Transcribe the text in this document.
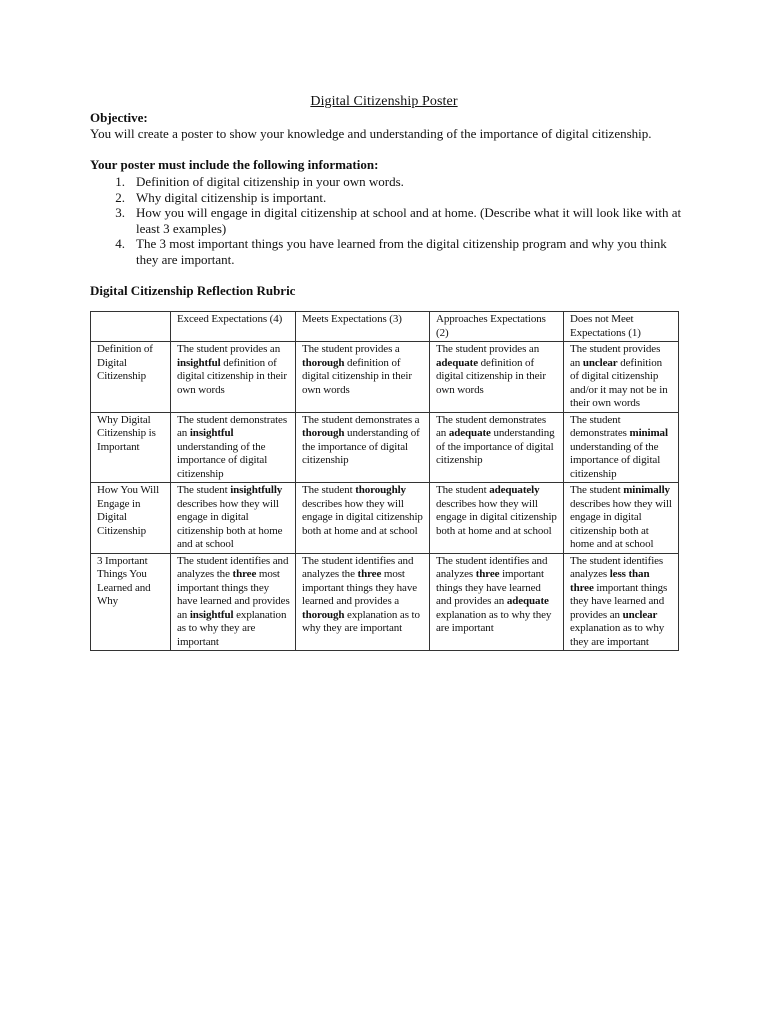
Digital Citizenship Poster
Objective:
You will create a poster to show your knowledge and understanding of the importance of digital citizenship.
Your poster must include the following information:
1. Definition of digital citizenship in your own words.
2. Why digital citizenship is important.
3. How you will engage in digital citizenship at school and at home. (Describe what it will look like with at least 3 examples)
4. The 3 most important things you have learned from the digital citizenship program and why you think they are important.
Digital Citizenship Reflection Rubric
	Exceed Expectations (4)	Meets Expectations (3)	Approaches Expectations (2)	Does not Meet Expectations (1)
Definition of Digital Citizenship	The student provides an insightful definition of digital citizenship in their own words	The student provides a thorough definition of digital citizenship in their own words	The student provides an adequate definition of digital citizenship in their own words	The student provides an unclear definition of digital citizenship and/or it may not be in their own words
Why Digital Citizenship is Important	The student demonstrates an insightful understanding of the importance of digital citizenship	The student demonstrates a thorough understanding of the importance of digital citizenship	The student demonstrates an adequate understanding of the importance of digital citizenship	The student demonstrates minimal understanding of the importance of digital citizenship
How You Will Engage in Digital Citizenship	The student insightfully describes how they will engage in digital citizenship both at home and at school	The student thoroughly describes how they will engage in digital citizenship both at home and at school	The student adequately describes how they will engage in digital citizenship both at home and at school	The student minimally describes how they will engage in digital citizenship both at home and at school
3 Important Things You Learned and Why	The student identifies and analyzes the three most important things they have learned and provides an insightful explanation as to why they are important	The student identifies and analyzes the three most important things they have learned and provides a thorough explanation as to why they are important	The student identifies and analyzes three important things they have learned and provides an adequate explanation as to why they are important	The student identifies analyzes less than three important things they have learned and provides an unclear explanation as to why they are important
